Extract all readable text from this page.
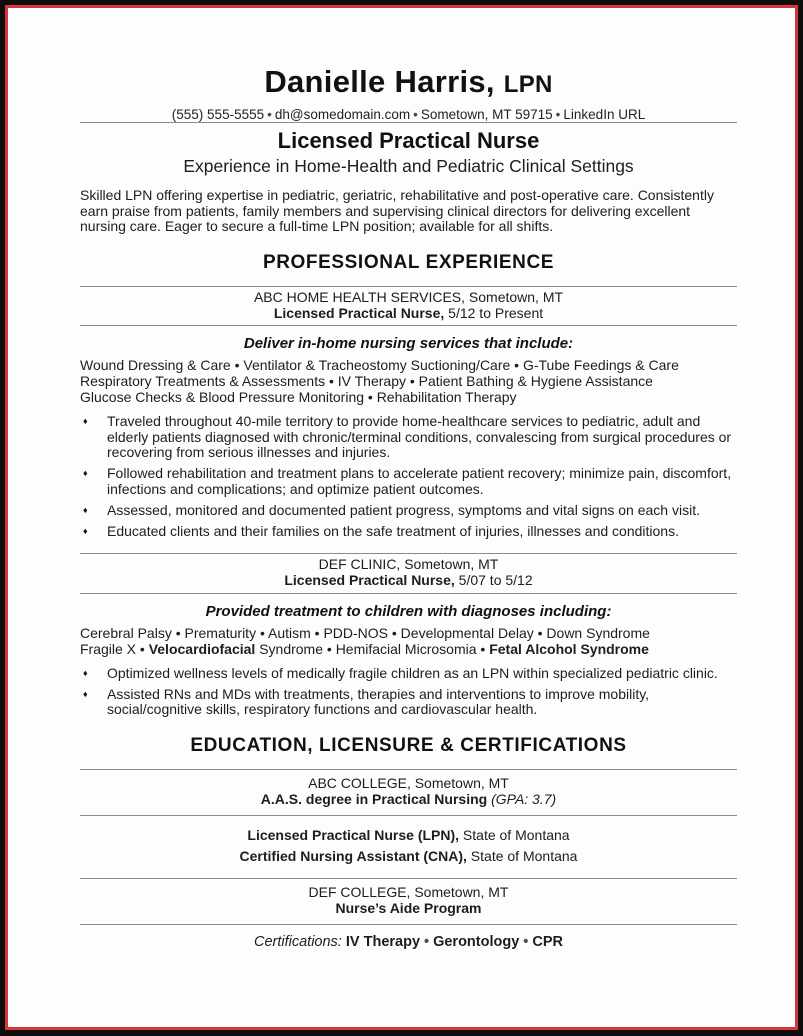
Danielle Harris, LPN
(555) 555-5555 • dh@somedomain.com • Sometown, MT 59715 • LinkedIn URL
Licensed Practical Nurse
Experience in Home-Health and Pediatric Clinical Settings

Skilled LPN offering expertise in pediatric, geriatric, rehabilitative and post-operative care. Consistently earn praise from patients, family members and supervising clinical directors for delivering excellent nursing care. Eager to secure a full-time LPN position; available for all shifts.

PROFESSIONAL EXPERIENCE
ABC HOME HEALTH SERVICES, Sometown, MT
Licensed Practical Nurse, 5/12 to Present
Deliver in-home nursing services that include:
Wound Dressing & Care • Ventilator & Tracheostomy Suctioning/Care • G-Tube Feedings & Care
Respiratory Treatments & Assessments • IV Therapy • Patient Bathing & Hygiene Assistance
Glucose Checks & Blood Pressure Monitoring • Rehabilitation Therapy
♦	Traveled throughout 40-mile territory to provide home-healthcare services to pediatric, adult and elderly patients diagnosed with chronic/terminal conditions, convalescing from surgical procedures or recovering from serious illnesses and injuries.
♦	Followed rehabilitation and treatment plans to accelerate patient recovery; minimize pain, discomfort, infections and complications; and optimize patient outcomes.
♦	Assessed, monitored and documented patient progress, symptoms and vital signs on each visit.
♦	Educated clients and their families on the safe treatment of injuries, illnesses and conditions.
DEF CLINIC, Sometown, MT
Licensed Practical Nurse, 5/07 to 5/12
Provided treatment to children with diagnoses including:
Cerebral Palsy • Prematurity • Autism • PDD-NOS • Developmental Delay • Down Syndrome
Fragile X • Velocardiofacial Syndrome • Hemifacial Microsomia • Fetal Alcohol Syndrome
♦	Optimized wellness levels of medically fragile children as an LPN within specialized pediatric clinic.
♦	Assisted RNs and MDs with treatments, therapies and interventions to improve mobility, social/cognitive skills, respiratory functions and cardiovascular health.
EDUCATION, LICENSURE & CERTIFICATIONS
ABC COLLEGE, Sometown, MT
A.A.S. degree in Practical Nursing (GPA: 3.7)
Licensed Practical Nurse (LPN), State of Montana
Certified Nursing Assistant (CNA), State of Montana
DEF COLLEGE, Sometown, MT
Nurse’s Aide Program
Certifications: IV Therapy • Gerontology • CPR
